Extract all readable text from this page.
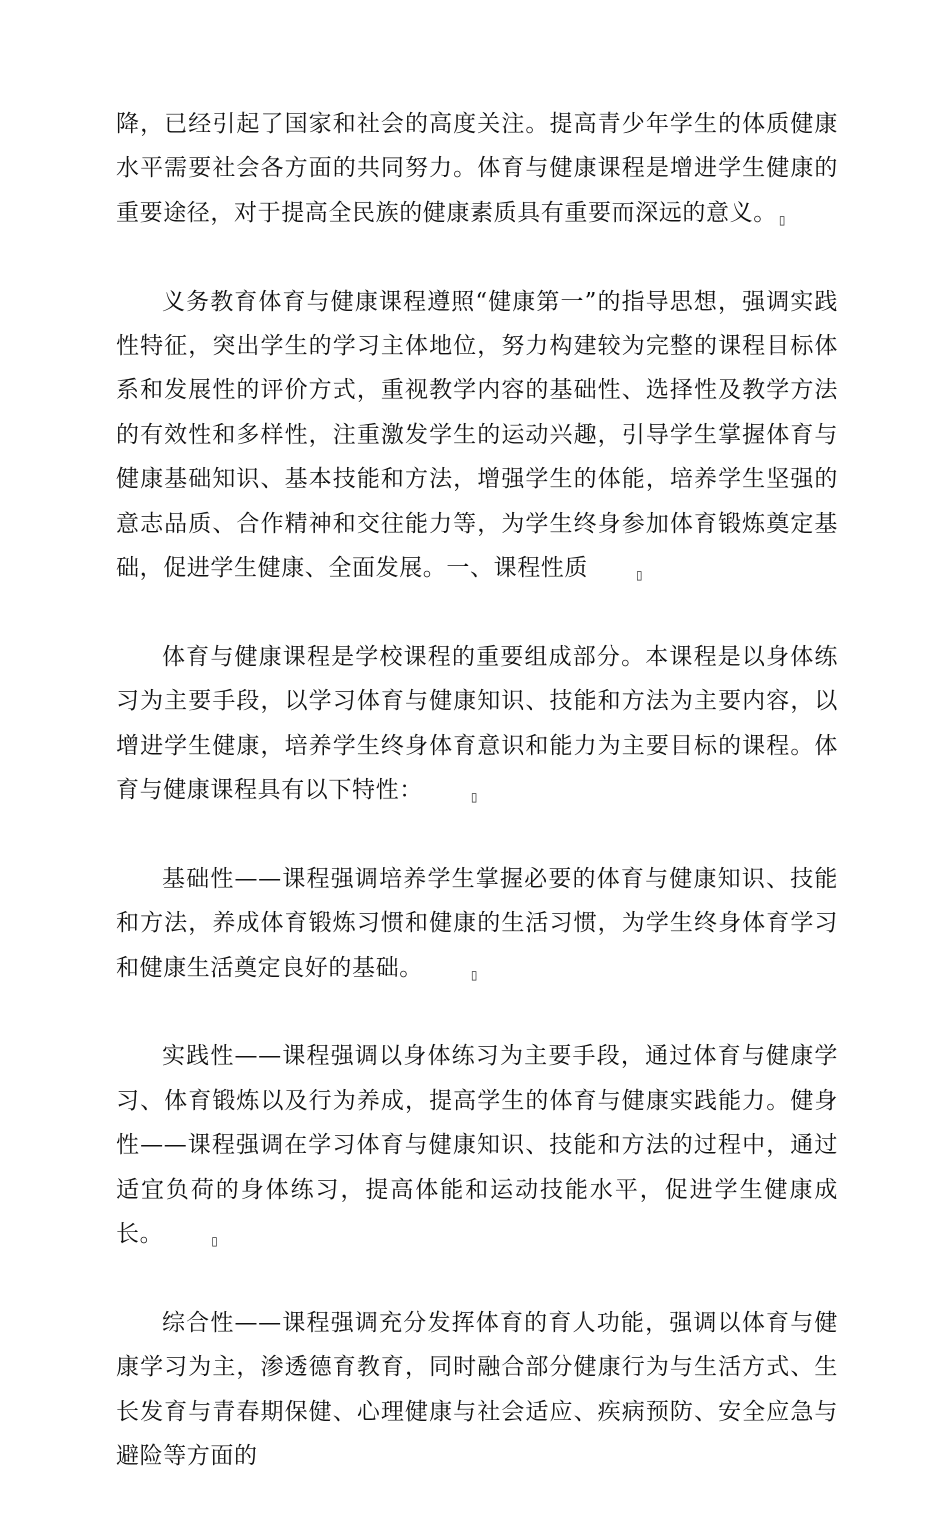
降，已经引起了国家和社会的高度关注。提高青少年学生的体质健康水平需要社会各方面的共同努力。体育与健康课程是增进学生健康的重要途径，对于提高全民族的健康素质具有重要而深远的意义。 ▯

义务教育体育与健康课程遵照“健康第一”的指导思想，强调实践性特征，突出学生的学习主体地位，努力构建较为完整的课程目标体系和发展性的评价方式，重视教学内容的基础性、选择性及教学方法的有效性和多样性，注重激发学生的运动兴趣，引导学生掌握体育与健康基础知识、基本技能和方法，增强学生的体能，培养学生坚强的意志品质、合作精神和交往能力等，为学生终身参加体育锻炼奠定基础，促进学生健康、全面发展。一、课程性质	▯

体育与健康课程是学校课程的重要组成部分。本课程是以身体练习为主要手段，以学习体育与健康知识、技能和方法为主要内容，以增进学生健康，培养学生终身体育意识和能力为主要目标的课程。体育与健康课程具有以下特性：	▯

基础性——课程强调培养学生掌握必要的体育与健康知识、技能和方法，养成体育锻炼习惯和健康的生活习惯，为学生终身体育学习和健康生活奠定良好的基础。	▯

实践性——课程强调以身体练习为主要手段，通过体育与健康学习、体育锻炼以及行为养成，提高学生的体育与健康实践能力。健身性——课程强调在学习体育与健康知识、技能和方法的过程中，通过适宜负荷的身体练习，提高体能和运动技能水平，促进学生健康成长。	▯

综合性——课程强调充分发挥体育的育人功能，强调以体育与健康学习为主，渗透德育教育，同时融合部分健康行为与生活方式、生长发育与青春期保健、心理健康与社会适应、疾病预防、安全应急与避险等方面的
